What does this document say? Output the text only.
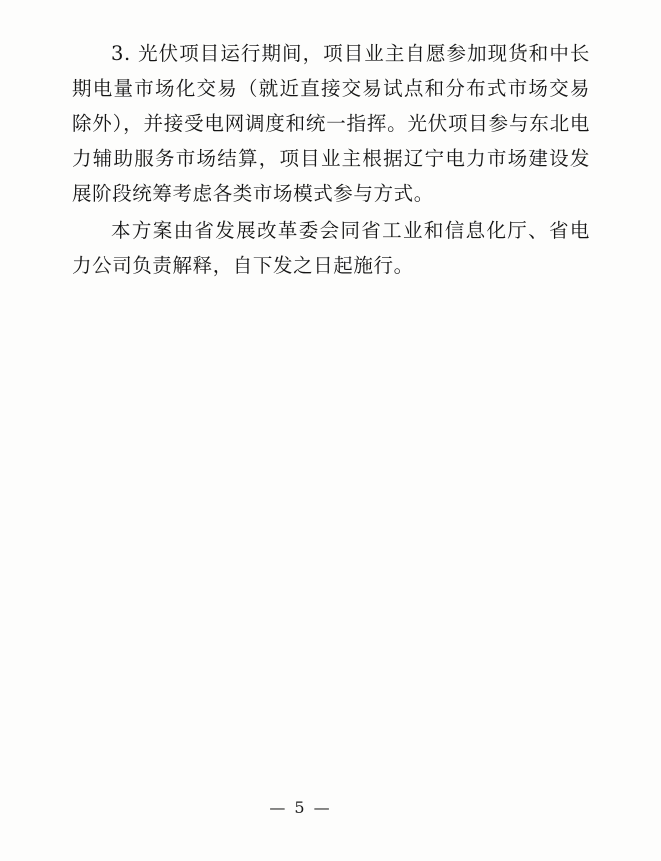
3. 光伏项目运行期间，项目业主自愿参加现货和中长期电量市场化交易（就近直接交易试点和分布式市场交易除外），并接受电网调度和统一指挥。光伏项目参与东北电力辅助服务市场结算，项目业主根据辽宁电力市场建设发展阶段统筹考虑各类市场模式参与方式。

本方案由省发展改革委会同省工业和信息化厅、省电力公司负责解释，自下发之日起施行。

— 5 —
